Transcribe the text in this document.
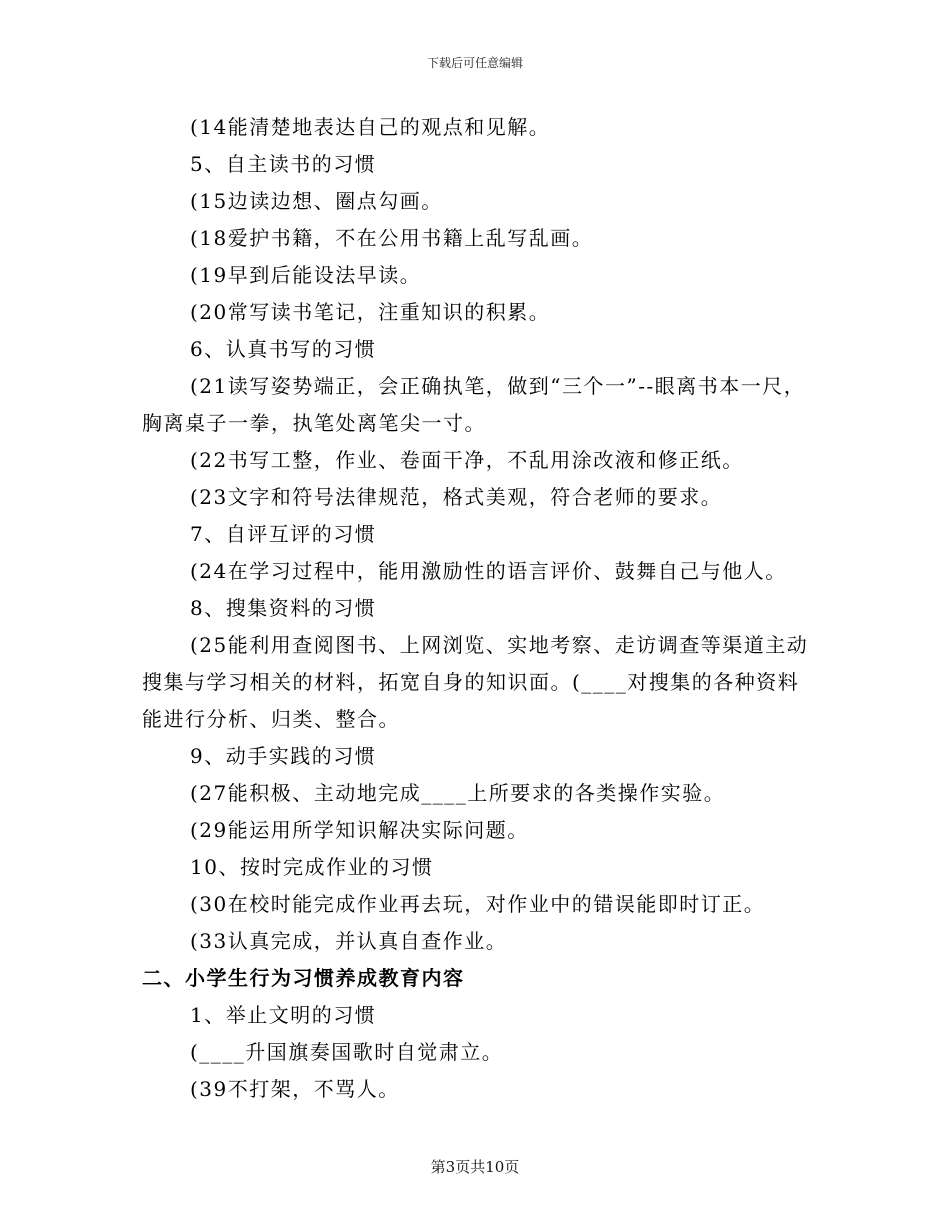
下载后可任意编辑
(14能清楚地表达自己的观点和见解。
5、自主读书的习惯
(15边读边想、圈点勾画。
(18爱护书籍，不在公用书籍上乱写乱画。
(19早到后能设法早读。
(20常写读书笔记，注重知识的积累。
6、认真书写的习惯
(21读写姿势端正，会正确执笔，做到“三个一”--眼离书本一尺，
胸离桌子一拳，执笔处离笔尖一寸。
(22书写工整，作业、卷面干净，不乱用涂改液和修正纸。
(23文字和符号法律规范，格式美观，符合老师的要求。
7、自评互评的习惯
(24在学习过程中，能用激励性的语言评价、鼓舞自己与他人。
8、搜集资料的习惯
(25能利用查阅图书、上网浏览、实地考察、走访调查等渠道主动
搜集与学习相关的材料，拓宽自身的知识面。(____对搜集的各种资料
能进行分析、归类、整合。
9、动手实践的习惯
(27能积极、主动地完成____上所要求的各类操作实验。
(29能运用所学知识解决实际问题。
10、按时完成作业的习惯
(30在校时能完成作业再去玩，对作业中的错误能即时订正。
(33认真完成，并认真自查作业。
二、小学生行为习惯养成教育内容
1、举止文明的习惯
(____升国旗奏国歌时自觉肃立。
(39不打架，不骂人。
第3页共10页
